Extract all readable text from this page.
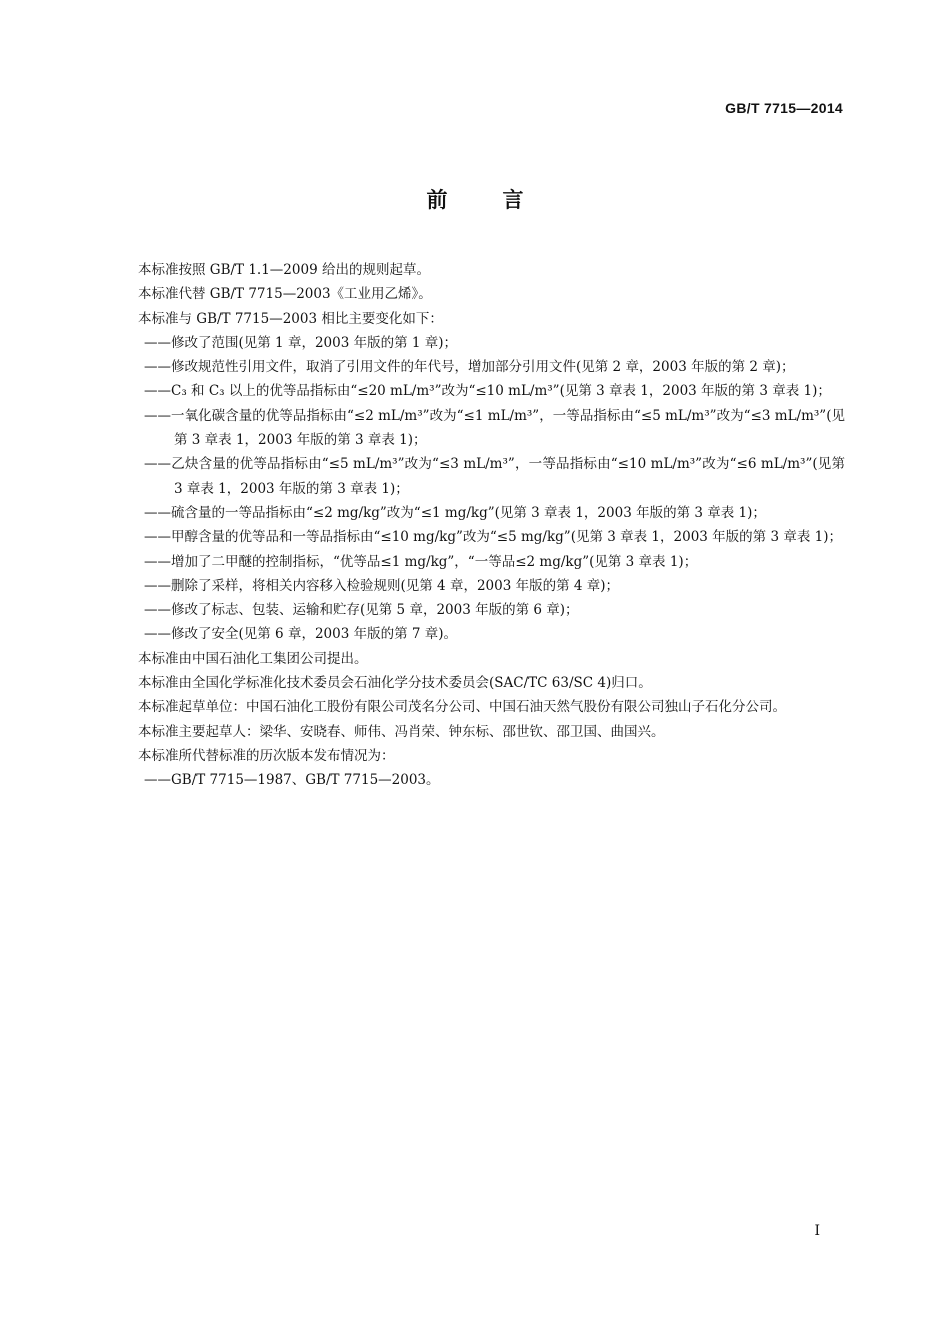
GB/T 7715—2014
前言

本标准按照 GB/T 1.1—2009 给出的规则起草。

本标准代替 GB/T 7715—2003《工业用乙烯》。

本标准与 GB/T 7715—2003 相比主要变化如下：

——修改了范围(见第 1 章，2003 年版的第 1 章)；

——修改规范性引用文件，取消了引用文件的年代号，增加部分引用文件(见第 2 章，2003 年版的第 2 章)；

——C₃ 和 C₃ 以上的优等品指标由“≤20 mL/m³”改为“≤10 mL/m³”(见第 3 章表 1，2003 年版的第 3 章表 1)；

——一氧化碳含量的优等品指标由“≤2 mL/m³”改为“≤1 mL/m³”，一等品指标由“≤5 mL/m³”改为“≤3 mL/m³”(见第 3 章表 1，2003 年版的第 3 章表 1)；

——乙炔含量的优等品指标由“≤5 mL/m³”改为“≤3 mL/m³”，一等品指标由“≤10 mL/m³”改为“≤6 mL/m³”(见第 3 章表 1，2003 年版的第 3 章表 1)；

——硫含量的一等品指标由“≤2 mg/kg”改为“≤1 mg/kg”(见第 3 章表 1，2003 年版的第 3 章表 1)；

——甲醇含量的优等品和一等品指标由“≤10 mg/kg”改为“≤5 mg/kg”(见第 3 章表 1，2003 年版的第 3 章表 1)；

——增加了二甲醚的控制指标，“优等品≤1 mg/kg”，“一等品≤2 mg/kg”(见第 3 章表 1)；

——删除了采样，将相关内容移入检验规则(见第 4 章，2003 年版的第 4 章)；

——修改了标志、包装、运输和贮存(见第 5 章，2003 年版的第 6 章)；

——修改了安全(见第 6 章，2003 年版的第 7 章)。

本标准由中国石油化工集团公司提出。

本标准由全国化学标准化技术委员会石油化学分技术委员会(SAC/TC 63/SC 4)归口。

本标准起草单位：中国石油化工股份有限公司茂名分公司、中国石油天然气股份有限公司独山子石化分公司。

本标准主要起草人：梁华、安晓春、师伟、冯肖荣、钟东标、邵世钦、邵卫国、曲国兴。

本标准所代替标准的历次版本发布情况为：

——GB/T 7715—1987、GB/T 7715—2003。

I
